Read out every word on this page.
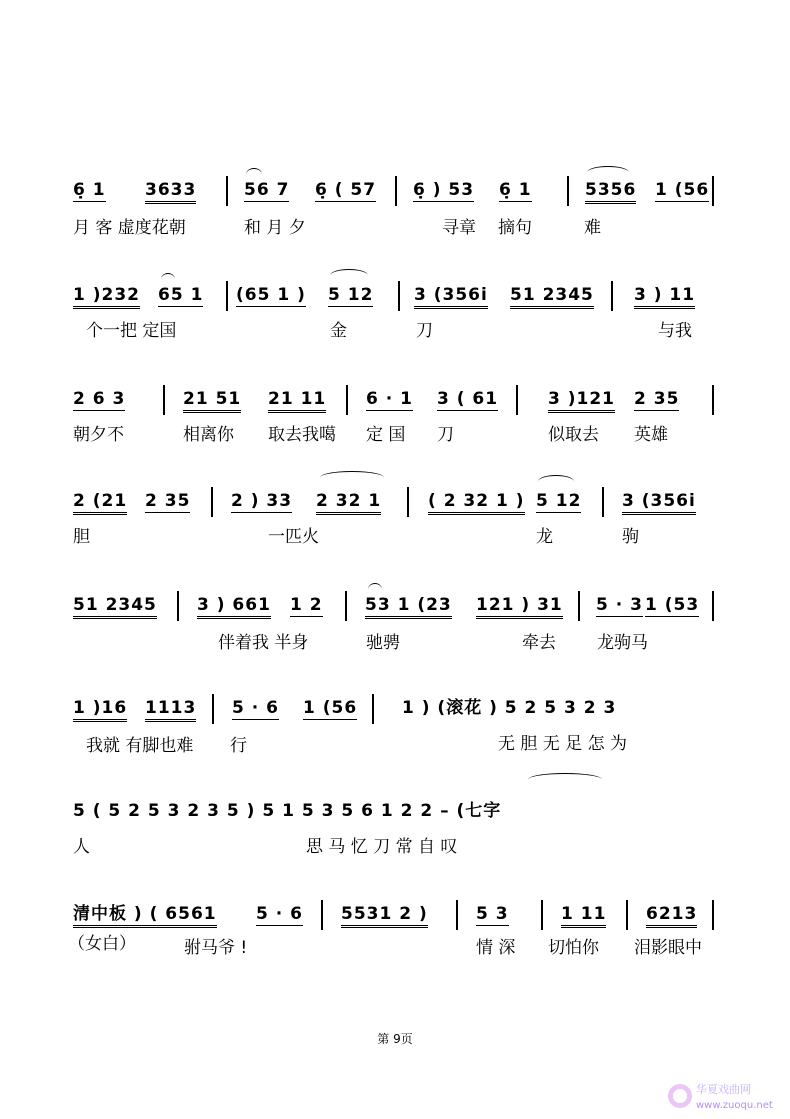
6̣ 1 3633	56 7 6̣ ( 57 6̣ ) 53 6̣ 1	5356 1 (56
月 客 虚度花朝	和 月 夕	寻章 摘句	难
1 )232 65 1 (65 1 ) 5 12 3 (356i 51 2345 3 ) 11
个一把 定国	金	刀	与我
2 6 3	21 51 21 11 6 · 1 3 ( 61	3 )121 2 35
朝夕不	相离你 取去我噶 定 国 刀	似取去 英雄
2 (21 2 35 2 ) 33 2 32 1	( 2 32 1 ) 5 12 3 (356i
胆	一匹火	龙	驹
51 2345 3 ) 661 1 2 53 1 (23 121 ) 31 5 · 3 1 (53
伴着我 半身	驰骋	牵去 龙驹马
1 )16 1113 5 · 6 1 (56	1 ) (滚花 ) 5 2 5 3 2 3
我就 有脚也难 行	无 胆 无 足 怎 为
5 ( 5 2 5 3 2 3 5 ) 5 1 5 3 5 6 1 2 2 – (七字
人	思 马 忆 刀 常 自 叹
清中板 ) ( 6561 5 · 6 5531 2 )	5 3	1 11 6213
（女白）	驸马爷 !	情 深 切怕你 泪影眼中
第 9页
华夏戏曲网
www.zuoqu.net
